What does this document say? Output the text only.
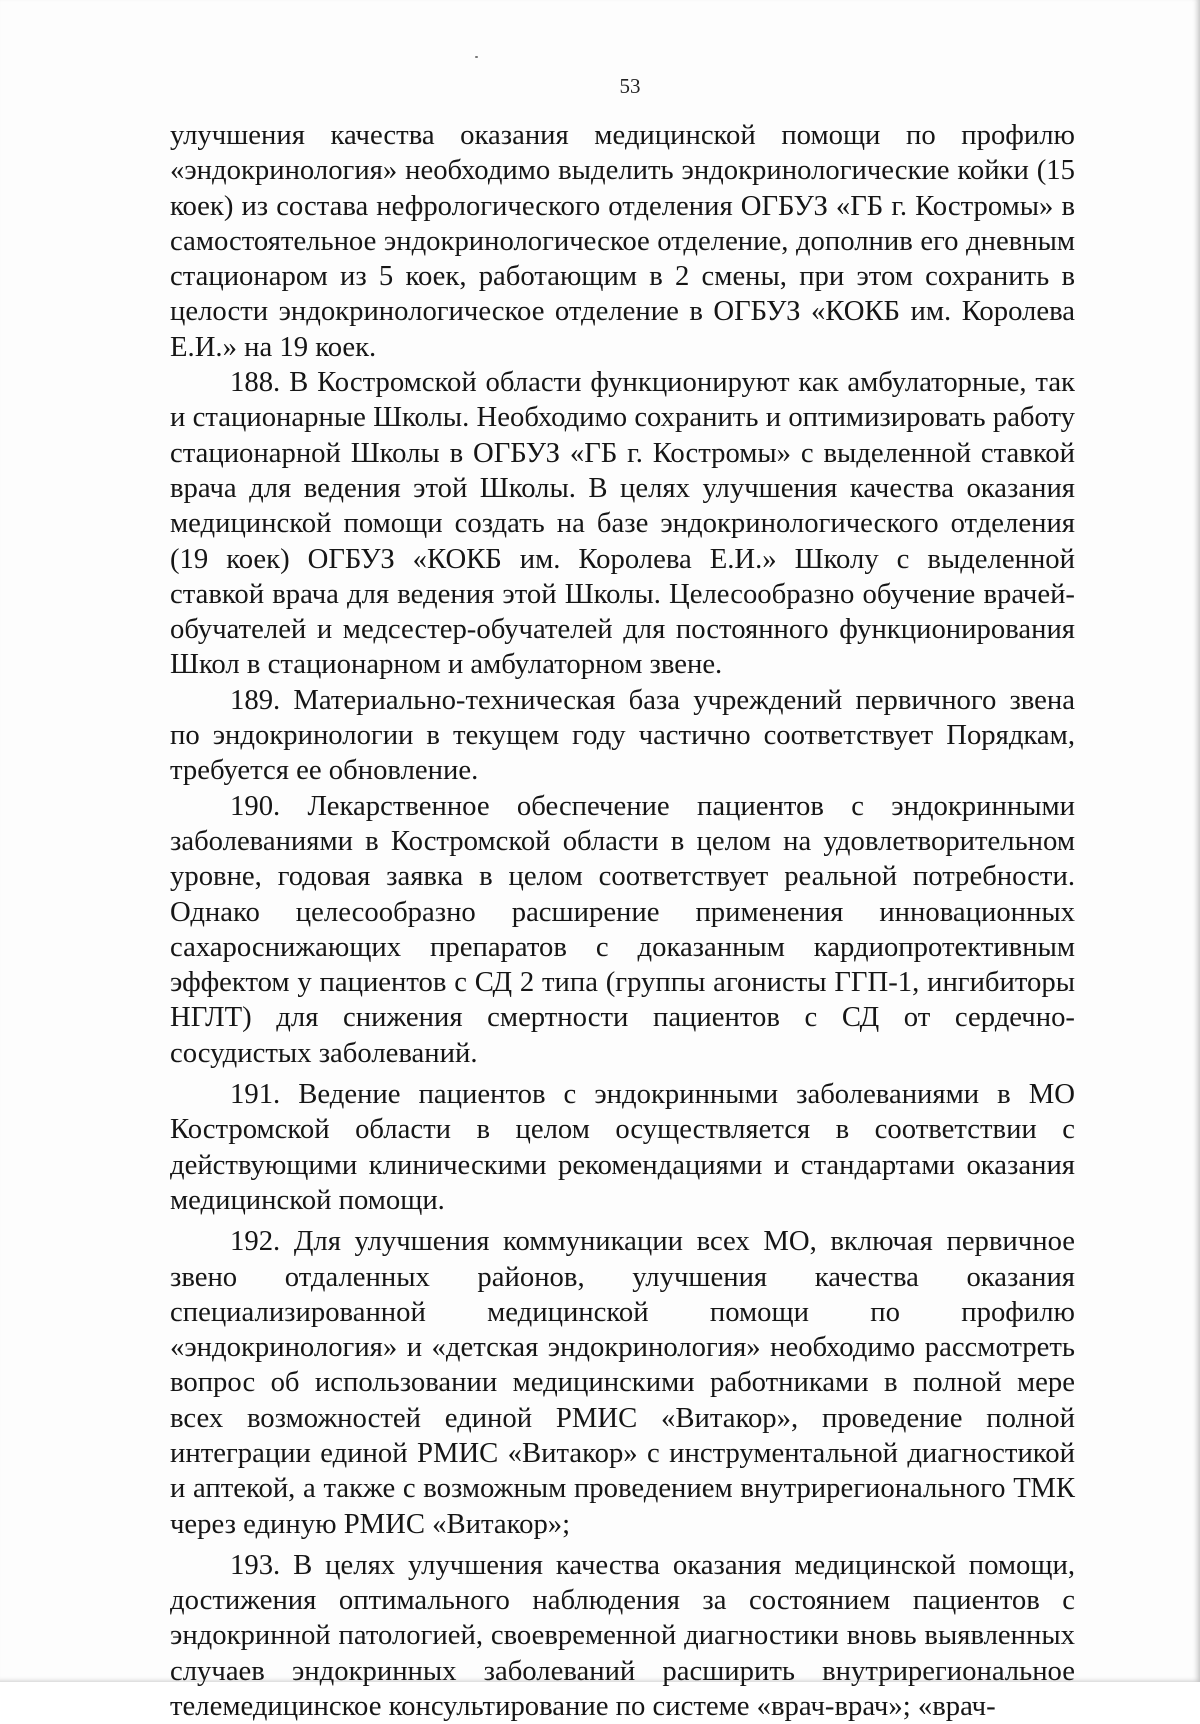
53

улучшения качества оказания медицинской помощи по профилю «эндокринология» необходимо выделить эндокринологические койки (15 коек) из состава нефрологического отделения ОГБУЗ «ГБ г. Костромы» в самостоятельное эндокринологическое отделение, дополнив его дневным стационаром из 5 коек, работающим в 2 смены, при этом сохранить в целости эндокринологическое отделение в ОГБУЗ «КОКБ им. Королева Е.И.» на 19 коек.

188. В Костромской области функционируют как амбулаторные, так и стационарные Школы. Необходимо сохранить и оптимизировать работу стационарной Школы в ОГБУЗ «ГБ г. Костромы» с выделенной ставкой врача для ведения этой Школы. В целях улучшения качества оказания медицинской помощи создать на базе эндокринологического отделения (19 коек) ОГБУЗ «КОКБ им. Королева Е.И.» Школу с выделенной ставкой врача для ведения этой Школы. Целесообразно обучение врачей-обучателей и медсестер-обучателей для постоянного функционирования Школ в стационарном и амбулаторном звене.

189. Материально-техническая база учреждений первичного звена по эндокринологии в текущем году частично соответствует Порядкам, требуется ее обновление.

190. Лекарственное обеспечение пациентов с эндокринными заболеваниями в Костромской области в целом на удовлетворительном уровне, годовая заявка в целом соответствует реальной потребности. Однако целесообразно расширение применения инновационных сахароснижающих препаратов с доказанным кардиопротективным эффектом у пациентов с СД 2 типа (группы агонисты ГГП-1, ингибиторы НГЛТ) для снижения смертности пациентов с СД от сердечно-сосудистых заболеваний.

191. Ведение пациентов с эндокринными заболеваниями в МО Костромской области в целом осуществляется в соответствии с действующими клиническими рекомендациями и стандартами оказания медицинской помощи.

192. Для улучшения коммуникации всех МО, включая первичное звено отдаленных районов, улучшения качества оказания специализированной медицинской помощи по профилю «эндокринология» и «детская эндокринология» необходимо рассмотреть вопрос об использовании медицинскими работниками в полной мере всех возможностей единой РМИС «Витакор», проведение полной интеграции единой РМИС «Витакор» с инструментальной диагностикой и аптекой, а также с возможным проведением внутрирегионального ТМК через единую РМИС «Витакор»;

193. В целях улучшения качества оказания медицинской помощи, достижения оптимального наблюдения за состоянием пациентов с эндокринной патологией, своевременной диагностики вновь выявленных случаев эндокринных заболеваний расширить внутрирегиональное телемедицинское консультирование по системе «врач-врач»; «врач-
